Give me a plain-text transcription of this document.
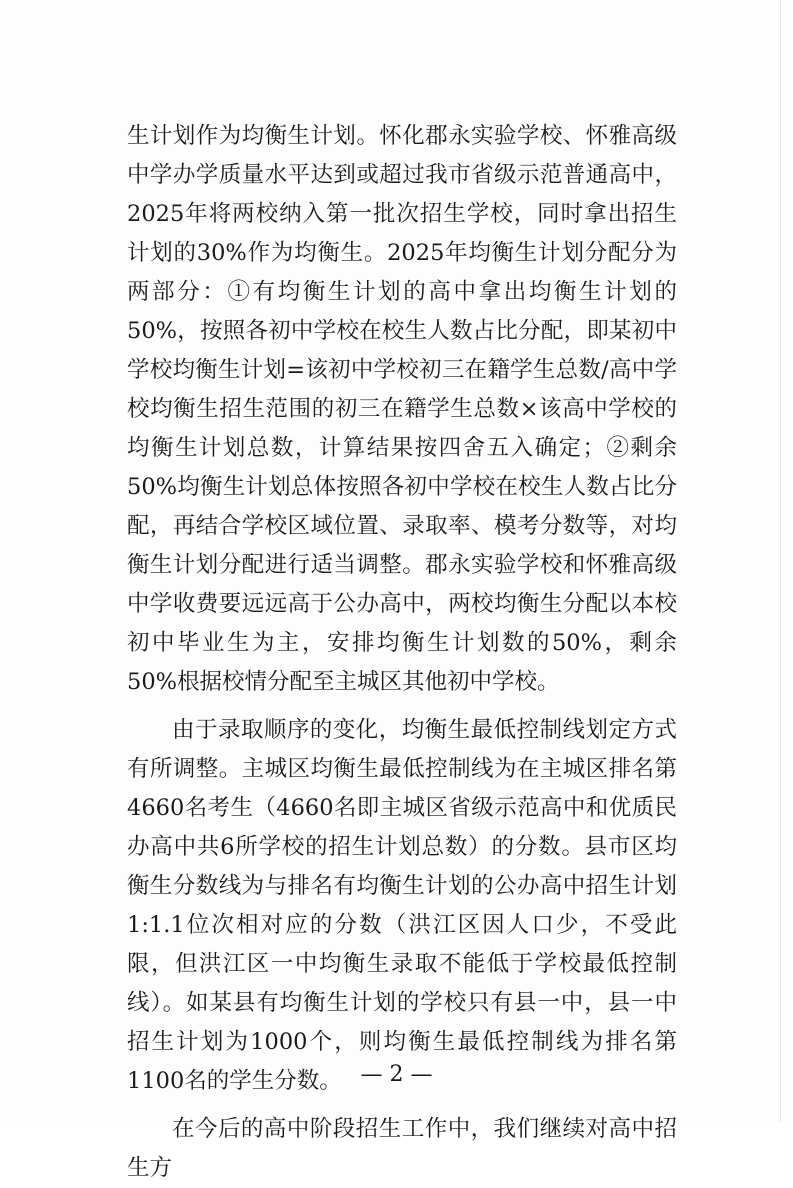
生计划作为均衡生计划。怀化郡永实验学校、怀雅高级中学办学质量水平达到或超过我市省级示范普通高中，2025年将两校纳入第一批次招生学校，同时拿出招生计划的30%作为均衡生。2025年均衡生计划分配分为两部分：①有均衡生计划的高中拿出均衡生计划的50%，按照各初中学校在校生人数占比分配，即某初中学校均衡生计划=该初中学校初三在籍学生总数/高中学校均衡生招生范围的初三在籍学生总数×该高中学校的均衡生计划总数，计算结果按四舍五入确定；②剩余50%均衡生计划总体按照各初中学校在校生人数占比分配，再结合学校区域位置、录取率、模考分数等，对均衡生计划分配进行适当调整。郡永实验学校和怀雅高级中学收费要远远高于公办高中，两校均衡生分配以本校初中毕业生为主，安排均衡生计划数的50%，剩余50%根据校情分配至主城区其他初中学校。

由于录取顺序的变化，均衡生最低控制线划定方式有所调整。主城区均衡生最低控制线为在主城区排名第4660名考生（4660名即主城区省级示范高中和优质民办高中共6所学校的招生计划总数）的分数。县市区均衡生分数线为与排名有均衡生计划的公办高中招生计划1:1.1位次相对应的分数（洪江区因人口少，不受此限，但洪江区一中均衡生录取不能低于学校最低控制线）。如某县有均衡生计划的学校只有县一中，县一中招生计划为1000个，则均衡生最低控制线为排名第1100名的学生分数。

在今后的高中阶段招生工作中，我们继续对高中招生方

— 2 —
